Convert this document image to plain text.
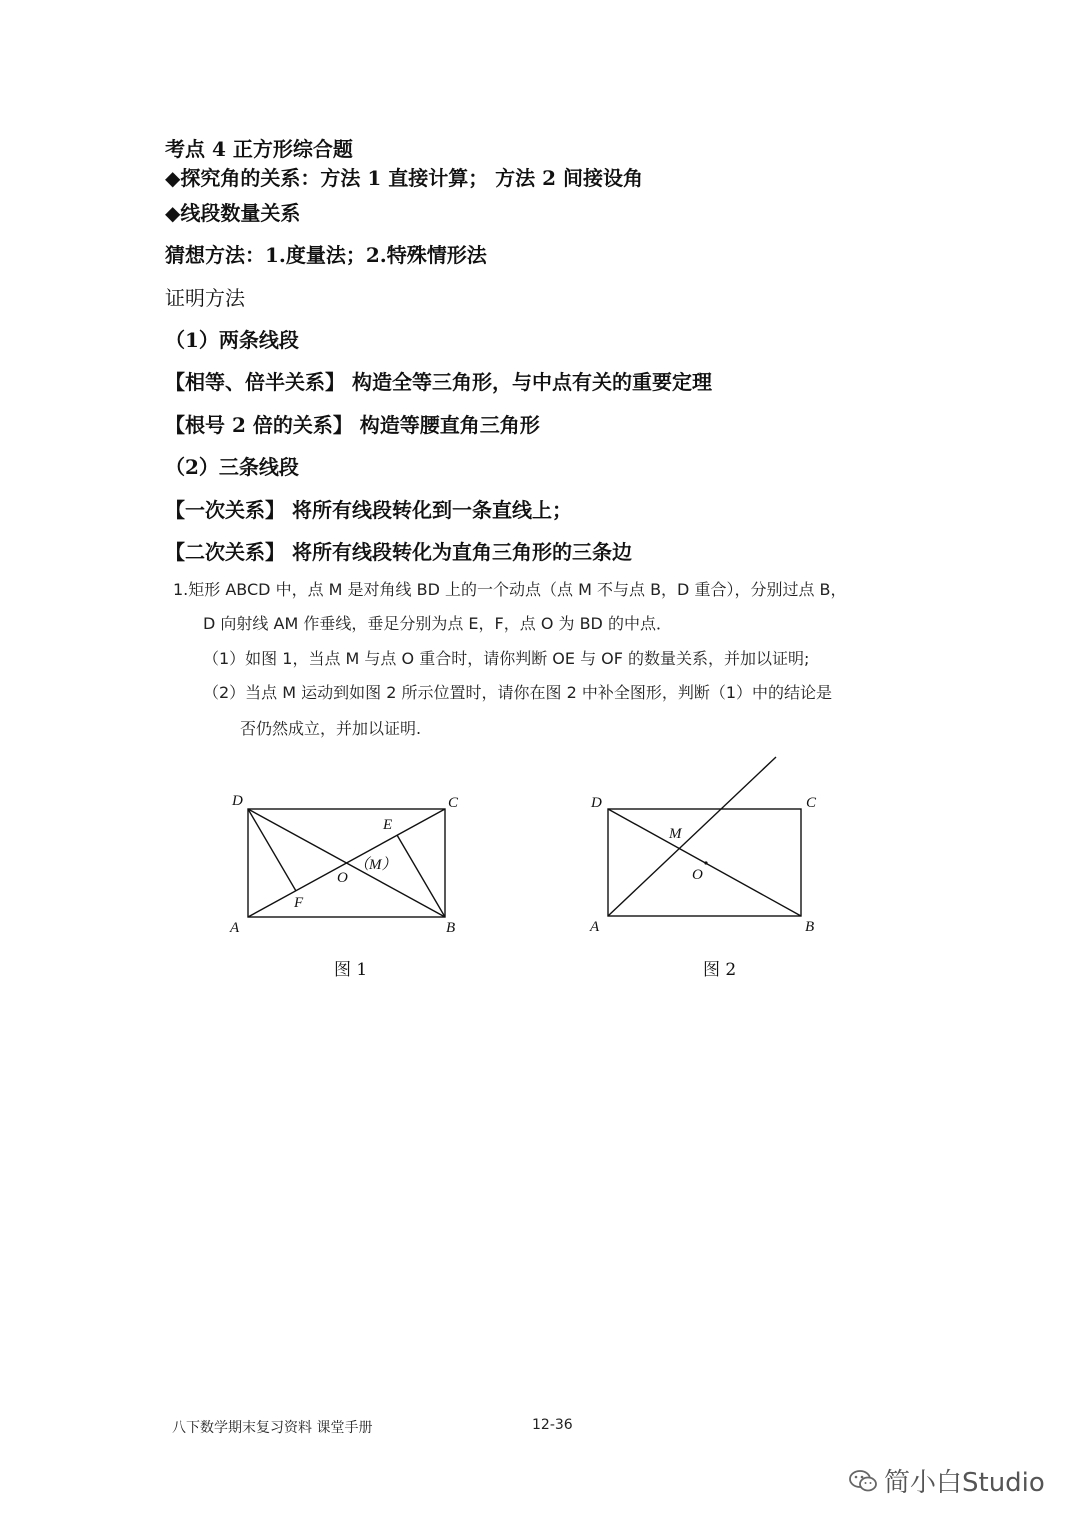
考点 4 正方形综合题
◆探究角的关系：方法 1 直接计算； 方法 2 间接设角
◆线段数量关系
猜想方法：1.度量法；2.特殊情形法
证明方法
（1）两条线段
【相等、倍半关系】 构造全等三角形，与中点有关的重要定理
【根号 2 倍的关系】 构造等腰直角三角形
（2）三条线段
【一次关系】 将所有线段转化到一条直线上；
【二次关系】 将所有线段转化为直角三角形的三条边
1.矩形 ABCD 中，点 M 是对角线 BD 上的一个动点（点 M 不与点 B，D 重合），分别过点 B，
D 向射线 AM 作垂线，垂足分别为点 E，F，点 O 为 BD 的中点．
（1）如图 1，当点 M 与点 O 重合时，请你判断 OE 与 OF 的数量关系，并加以证明;
（2）当点 M 运动到如图 2 所示位置时，请你在图 2 中补全图形，判断（1）中的结论是
否仍然成立，并加以证明.
D	C
A	B
E
F
O
（M）
图 1
D	C
A	B
M
O
图 2
八下数学期末复习资料 课堂手册	12-36
简小白Studio
